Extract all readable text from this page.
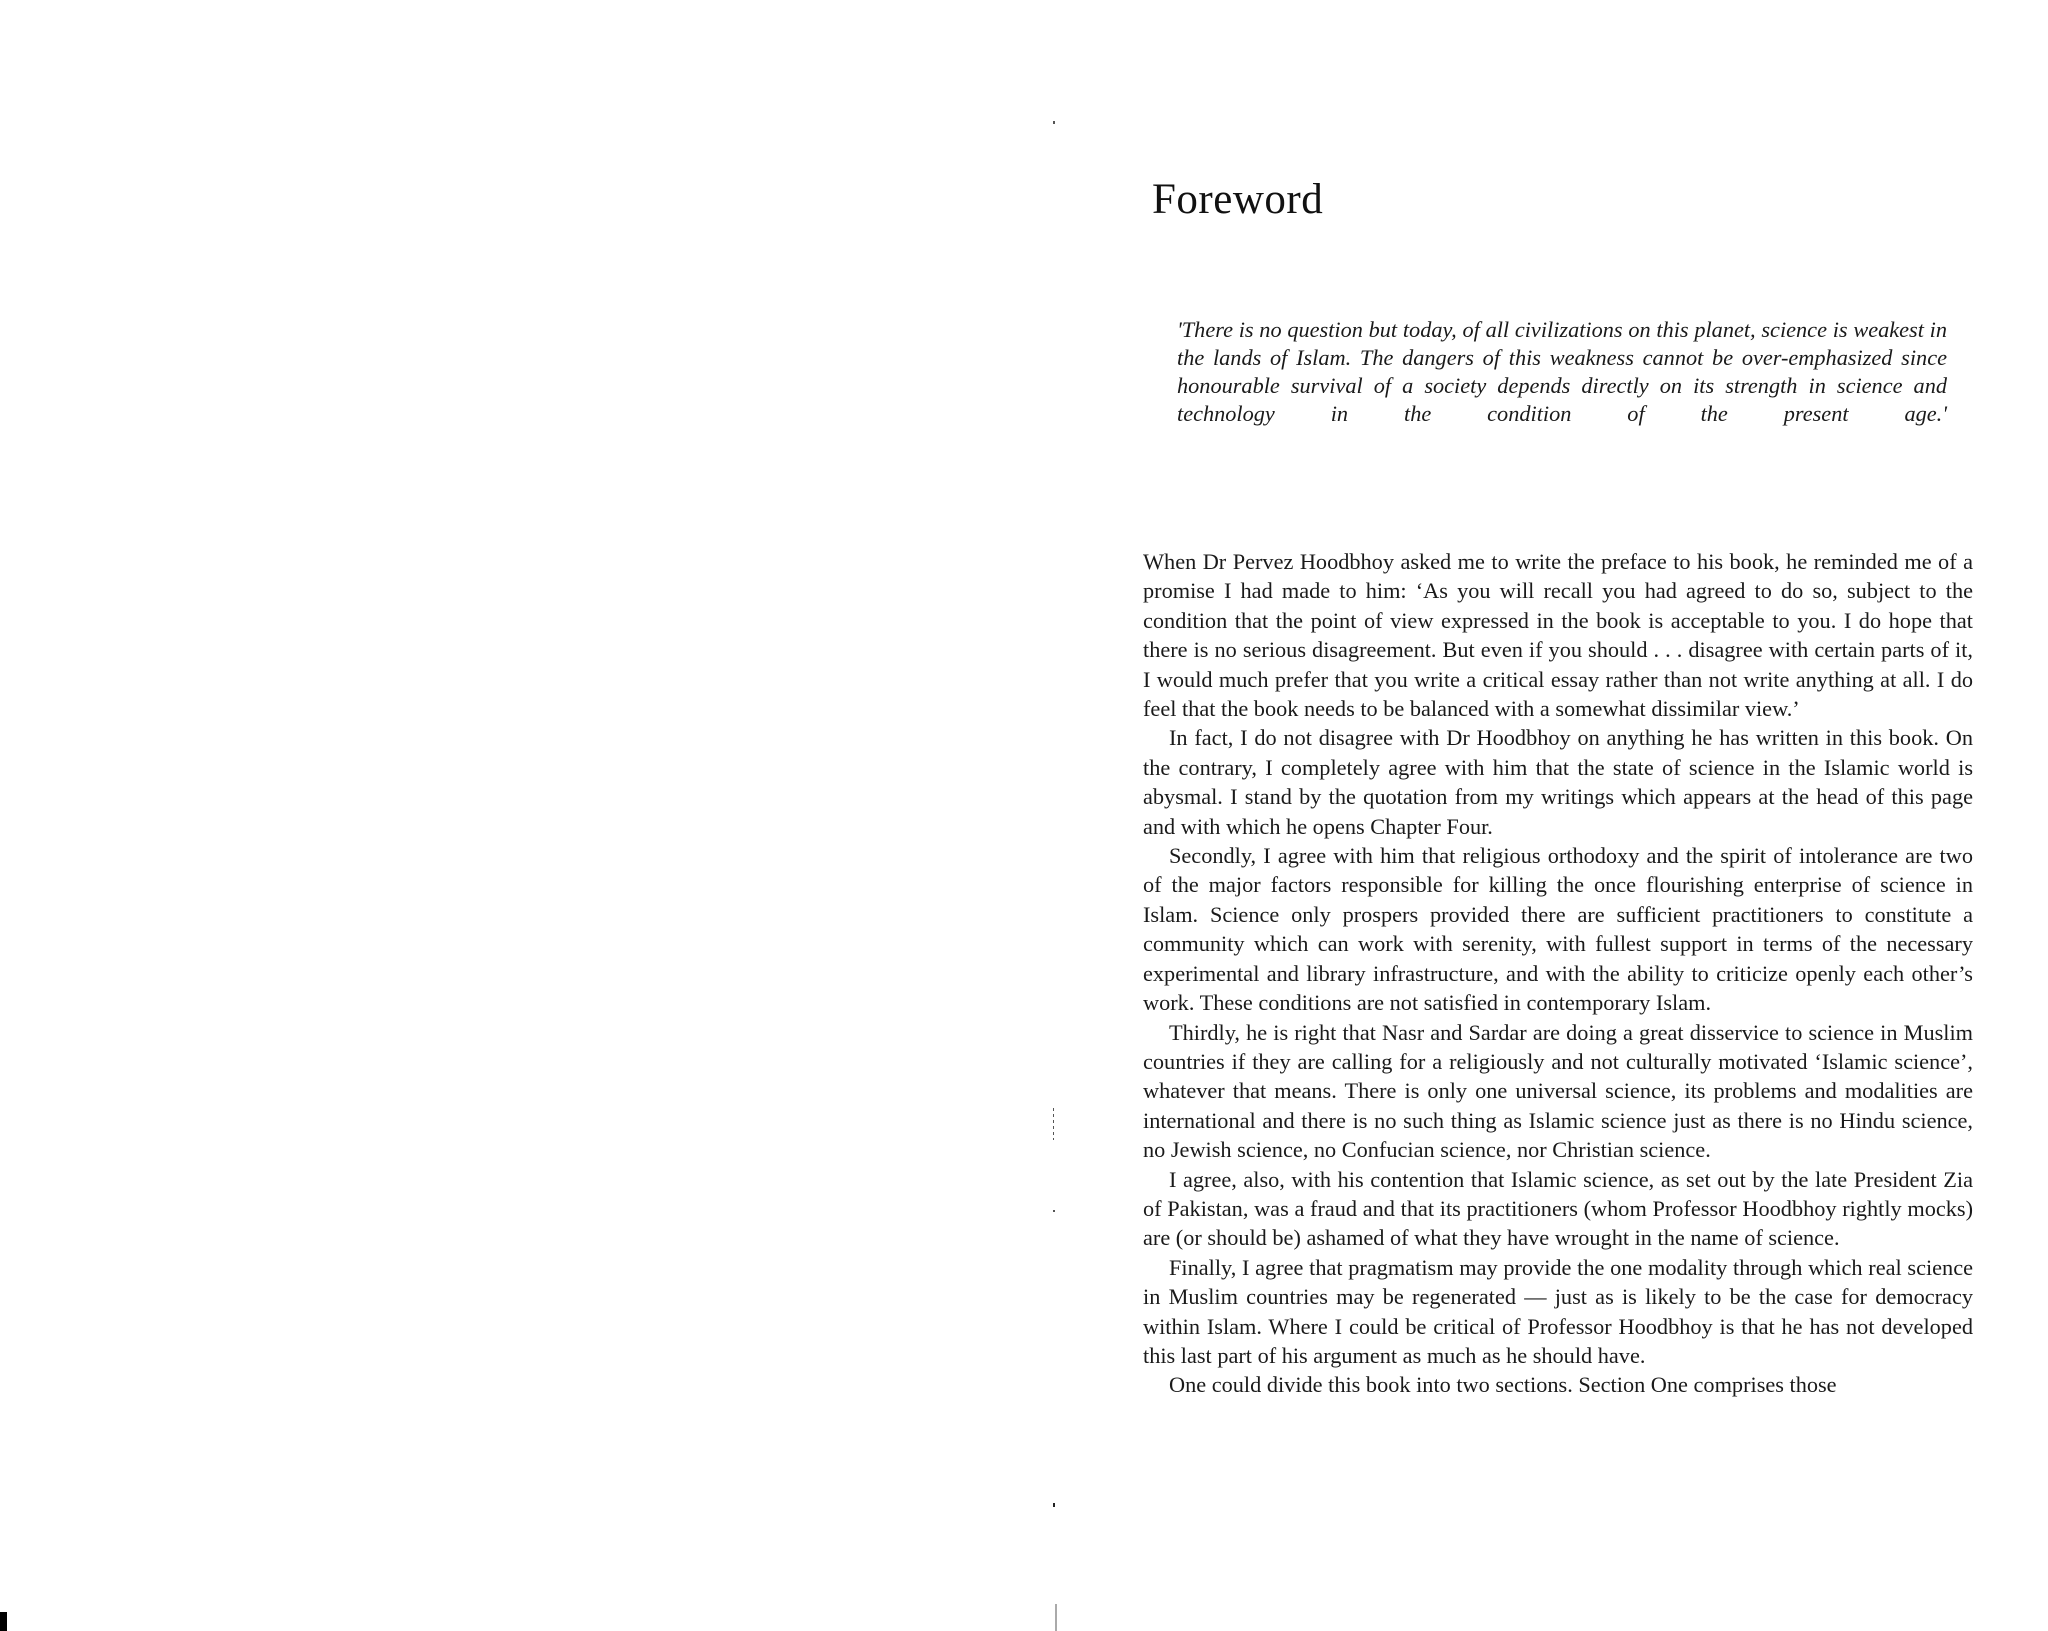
Foreword

'There is no question but today, of all civilizations on this planet, science is weakest in the lands of Islam. The dangers of this weakness cannot be over-emphasized since honourable survival of a society depends directly on its strength in science and technology in the condition of the present age.'

When Dr Pervez Hoodbhoy asked me to write the preface to his book, he reminded me of a promise I had made to him: ‘As you will recall you had agreed to do so, subject to the condition that the point of view expressed in the book is acceptable to you. I do hope that there is no serious disagreement. But even if you should . . . disagree with certain parts of it, I would much prefer that you write a critical essay rather than not write anything at all. I do feel that the book needs to be balanced with a somewhat dissimilar view.’

In fact, I do not disagree with Dr Hoodbhoy on anything he has written in this book. On the contrary, I completely agree with him that the state of science in the Islamic world is abysmal. I stand by the quotation from my writings which appears at the head of this page and with which he opens Chapter Four.

Secondly, I agree with him that religious orthodoxy and the spirit of intolerance are two of the major factors responsible for killing the once flourishing enterprise of science in Islam. Science only prospers provided there are sufficient practitioners to constitute a community which can work with serenity, with fullest support in terms of the necessary experimental and library infrastructure, and with the ability to criticize openly each other’s work. These conditions are not satisfied in contemporary Islam.

Thirdly, he is right that Nasr and Sardar are doing a great disservice to science in Muslim countries if they are calling for a religiously and not culturally motivated ‘Islamic science’, whatever that means. There is only one universal science, its problems and modalities are international and there is no such thing as Islamic science just as there is no Hindu science, no Jewish science, no Confucian science, nor Christian science.

I agree, also, with his contention that Islamic science, as set out by the late President Zia of Pakistan, was a fraud and that its practitioners (whom Professor Hoodbhoy rightly mocks) are (or should be) ashamed of what they have wrought in the name of science.

Finally, I agree that pragmatism may provide the one modality through which real science in Muslim countries may be regenerated — just as is likely to be the case for democracy within Islam. Where I could be critical of Professor Hoodbhoy is that he has not developed this last part of his argument as much as he should have.

One could divide this book into two sections. Section One comprises those
